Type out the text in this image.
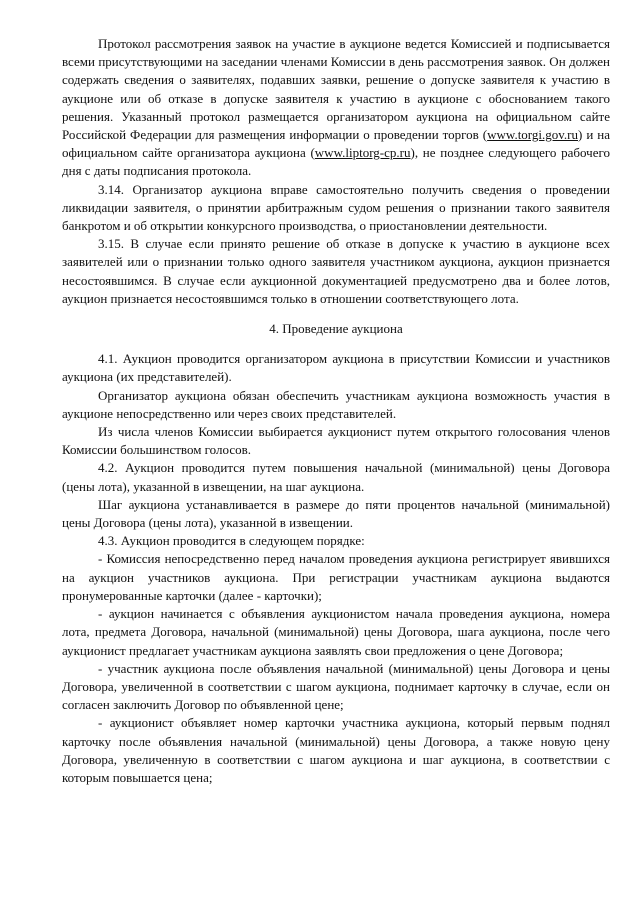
Протокол рассмотрения заявок на участие в аукционе ведется Комиссией и подписывается всеми присутствующими на заседании членами Комиссии в день рассмотрения заявок. Он должен содержать сведения о заявителях, подавших заявки, решение о допуске заявителя к участию в аукционе или об отказе в допуске заявителя к участию в аукционе с обоснованием такого решения. Указанный протокол размещается организатором аукциона на официальном сайте Российской Федерации для размещения информации о проведении торгов (www.torgi.gov.ru) и на официальном сайте организатора аукциона (www.liptorg-cp.ru), не позднее следующего рабочего дня с даты подписания протокола.

3.14. Организатор аукциона вправе самостоятельно получить сведения о проведении ликвидации заявителя, о принятии арбитражным судом решения о признании такого заявителя банкротом и об открытии конкурсного производства, о приостановлении деятельности.

3.15. В случае если принято решение об отказе в допуске к участию в аукционе всех заявителей или о признании только одного заявителя участником аукциона, аукцион признается несостоявшимся. В случае если аукционной документацией предусмотрено два и более лотов, аукцион признается несостоявшимся только в отношении соответствующего лота.

4. Проведение аукциона

4.1. Аукцион проводится организатором аукциона в присутствии Комиссии и участников аукциона (их представителей).

Организатор аукциона обязан обеспечить участникам аукциона возможность участия в аукционе непосредственно или через своих представителей.

Из числа членов Комиссии выбирается аукционист путем открытого голосования членов Комиссии большинством голосов.

4.2. Аукцион проводится путем повышения начальной (минимальной) цены Договора (цены лота), указанной в извещении, на шаг аукциона.

Шаг аукциона устанавливается в размере до пяти процентов начальной (минимальной) цены Договора (цены лота), указанной в извещении.

4.3. Аукцион проводится в следующем порядке:

- Комиссия непосредственно перед началом проведения аукциона регистрирует явившихся на аукцион участников аукциона. При регистрации участникам аукциона выдаются пронумерованные карточки (далее - карточки);

- аукцион начинается с объявления аукционистом начала проведения аукциона, номера лота, предмета Договора, начальной (минимальной) цены Договора, шага аукциона, после чего аукционист предлагает участникам аукциона заявлять свои предложения о цене Договора;

- участник аукциона после объявления начальной (минимальной) цены Договора и цены Договора, увеличенной в соответствии с шагом аукциона, поднимает карточку в случае, если он согласен заключить Договор по объявленной цене;

- аукционист объявляет номер карточки участника аукциона, который первым поднял карточку после объявления начальной (минимальной) цены Договора, а также новую цену Договора, увеличенную в соответствии с шагом аукциона и шаг аукциона, в соответствии с которым повышается цена;
